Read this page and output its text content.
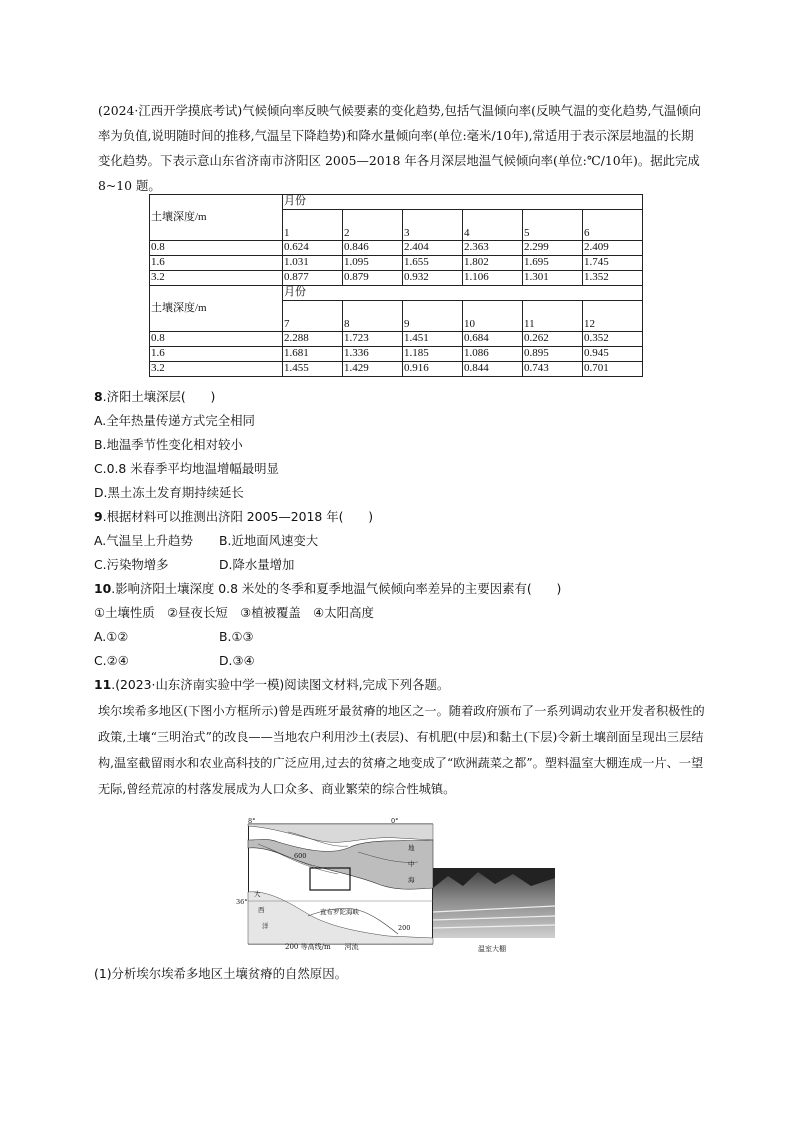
(2024·江西开学摸底考试)气候倾向率反映气候要素的变化趋势,包括气温倾向率(反映气温的变化趋势,气温倾向率为负值,说明随时间的推移,气温呈下降趋势)和降水量倾向率(单位:毫米/10年),常适用于表示深层地温的长期变化趋势。下表示意山东省济南市济阳区 2005—2018 年各月深层地温气候倾向率(单位:℃/10年)。据此完成 8~10 题。
土壤深度/m	月份					
	1	2	3	4	5	6
0.8	0.624	0.846	2.404	2.363	2.299	2.409
1.6	1.031	1.095	1.655	1.802	1.695	1.745
3.2	0.877	0.879	0.932	1.106	1.301	1.352
土壤深度/m	月份					
	7	8	9	10	11	12
0.8	2.288	1.723	1.451	0.684	0.262	0.352
1.6	1.681	1.336	1.185	1.086	0.895	0.945
3.2	1.455	1.429	0.916	0.844	0.743	0.701
8.济阳土壤深层(　　)
A.全年热量传递方式完全相同
B.地温季节性变化相对较小
C.0.8 米春季平均地温增幅最明显
D.黑土冻土发育期持续延长
9.根据材料可以推测出济阳 2005—2018 年(　　)
A.气温呈上升趋势 B.近地面风速变大
C.污染物增多	D.降水量增加
10.影响济阳土壤深度 0.8 米处的冬季和夏季地温气候倾向率差异的主要因素有(　　)
①土壤性质　②昼夜长短　③植被覆盖　④太阳高度
A.①②	B.①③
C.②④	D.③④
11.(2023·山东济南实验中学一模)阅读图文材料,完成下列各题。
埃尔埃希多地区(下图小方框所示)曾是西班牙最贫瘠的地区之一。随着政府颁布了一系列调动农业开发者积极性的政策,土壤“三明治式”的改良——当地农户利用沙土(表层)、有机肥(中层)和黏土(下层)令新土壤剖面呈现出三层结构,温室截留雨水和农业高科技的广泛应用,过去的贫瘠之地变成了“欧洲蔬菜之都”。塑料温室大棚连成一片、一望无际,曾经荒凉的村落发展成为人口众多、商业繁荣的综合性城镇。
8°	0°
36°
地
中
海
大
西
洋
直布罗陀海峡
600
200
200 等高线/m　　河流	温室大棚
(1)分析埃尔埃希多地区土壤贫瘠的自然原因。
